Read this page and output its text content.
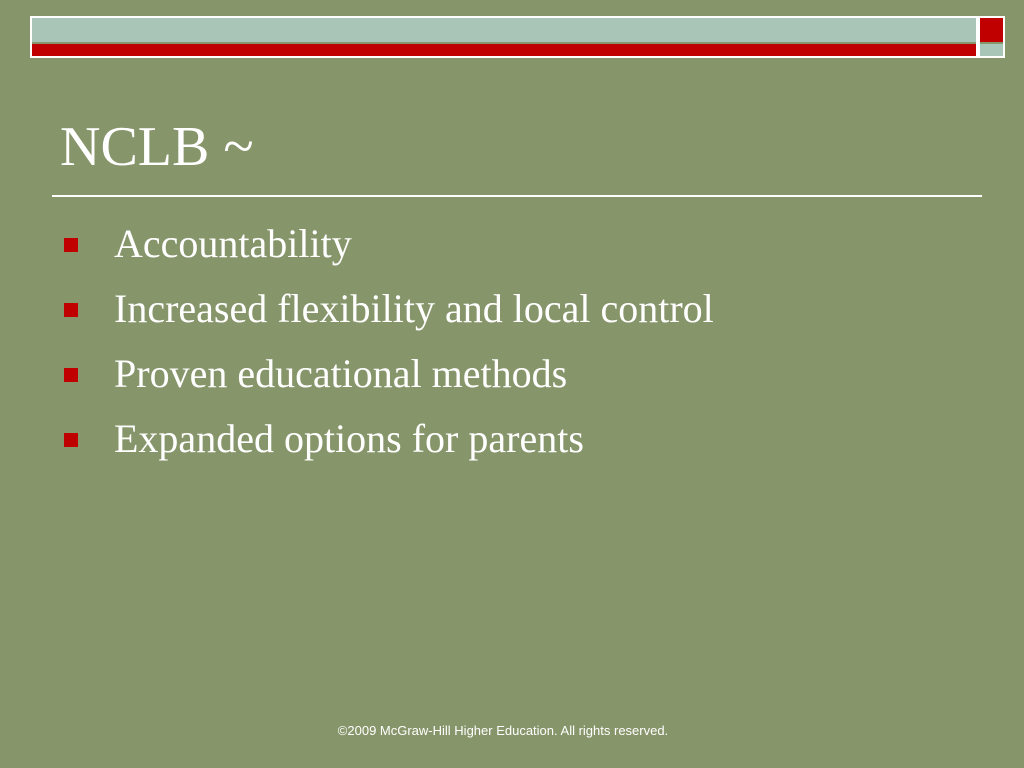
NCLB ~
Accountability
Increased flexibility and local control
Proven educational methods
Expanded options for parents
©2009 McGraw-Hill Higher Education. All rights reserved.
